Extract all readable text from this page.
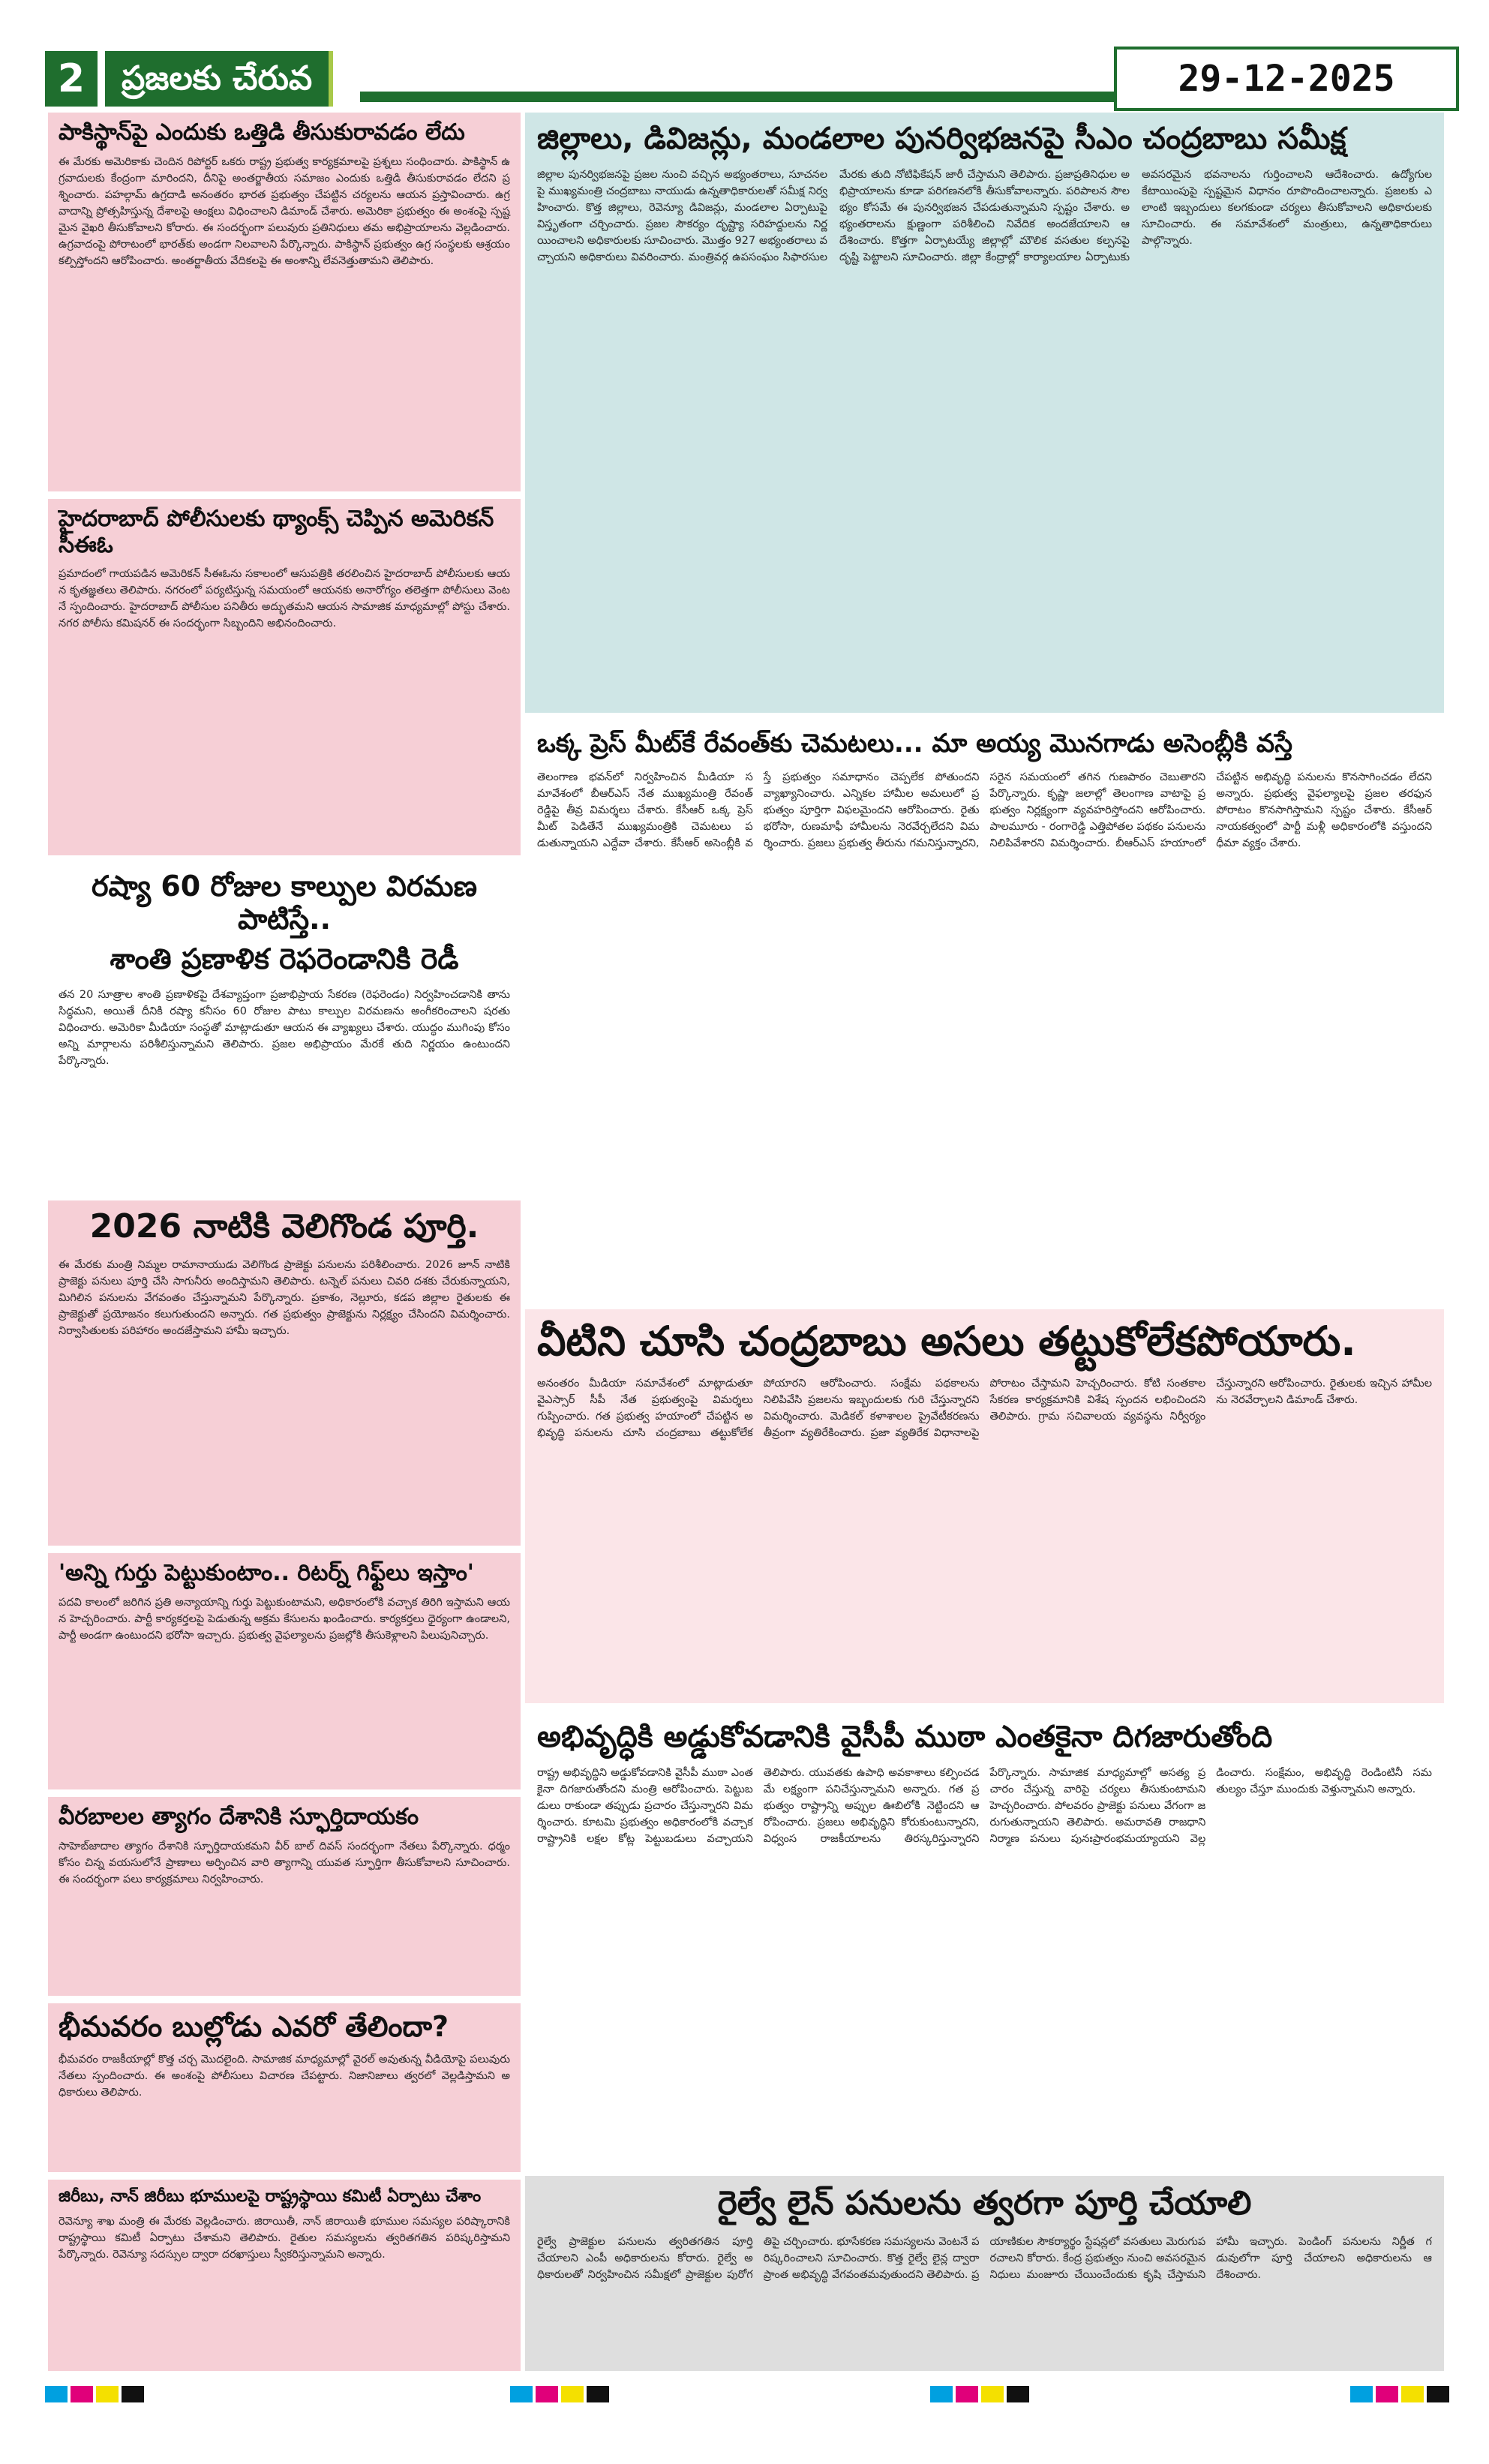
2	ప్రజలకు చేరువ	29-12-2025
పాకిస్థాన్‌పై ఎందుకు ఒత్తిడి తీసుకురావడం లేదు
ఈ మేరకు అమెరికాకు చెందిన రిపోర్టర్ ఒకరు రాష్ట్ర ప్రభుత్వ కార్యక్రమాలపై ప్రశ్నలు సంధించారు. పాకిస్థాన్ ఉగ్రవాదులకు కేంద్రంగా మారిందని, దీనిపై అంతర్జాతీయ సమాజం ఎందుకు ఒత్తిడి తీసుకురావడం లేదని ప్రశ్నించారు. పహల్గామ్ ఉగ్రదాడి అనంతరం భారత ప్రభుత్వం చేపట్టిన చర్యలను ఆయన ప్రస్తావించారు. ఉగ్రవాదాన్ని ప్రోత్సహిస్తున్న దేశాలపై ఆంక్షలు విధించాలని డిమాండ్ చేశారు. అమెరికా ప్రభుత్వం ఈ అంశంపై స్పష్టమైన వైఖరి తీసుకోవాలని కోరారు. ఈ సందర్భంగా పలువురు ప్రతినిధులు తమ అభిప్రాయాలను వెల్లడించారు. ఉగ్రవాదంపై పోరాటంలో భారత్‌కు అండగా నిలవాలని పేర్కొన్నారు. పాకిస్థాన్ ప్రభుత్వం ఉగ్ర సంస్థలకు ఆశ్రయం కల్పిస్తోందని ఆరోపించారు. అంతర్జాతీయ వేదికలపై ఈ అంశాన్ని లేవనెత్తుతామని తెలిపారు.
హైదరాబాద్ పోలీసులకు థ్యాంక్స్ చెప్పిన అమెరికన్ సీఈఓ
ప్రమాదంలో గాయపడిన అమెరికన్ సీఈఓను సకాలంలో ఆసుపత్రికి తరలించిన హైదరాబాద్ పోలీసులకు ఆయన కృతజ్ఞతలు తెలిపారు. నగరంలో పర్యటిస్తున్న సమయంలో ఆయనకు అనారోగ్యం తలెత్తగా పోలీసులు వెంటనే స్పందించారు. హైదరాబాద్ పోలీసుల పనితీరు అద్భుతమని ఆయన సామాజిక మాధ్యమాల్లో పోస్టు చేశారు. నగర పోలీసు కమిషనర్ ఈ సందర్భంగా సిబ్బందిని అభినందించారు.
రష్యా 60 రోజుల కాల్పుల విరమణ పాటిస్తే..
శాంతి ప్రణాళిక రెఫరెండానికి రెడీ
తన 20 సూత్రాల శాంతి ప్రణాళికపై దేశవ్యాప్తంగా ప్రజాభిప్రాయ సేకరణ (రెఫరెండం) నిర్వహించడానికి తాను సిద్ధమని, అయితే దీనికి రష్యా కనీసం 60 రోజుల పాటు కాల్పుల విరమణను అంగీకరించాలని షరతు విధించారు. అమెరికా మీడియా సంస్థతో మాట్లాడుతూ ఆయన ఈ వ్యాఖ్యలు చేశారు. యుద్ధం ముగింపు కోసం అన్ని మార్గాలను పరిశీలిస్తున్నామని తెలిపారు. ప్రజల అభిప్రాయం మేరకే తుది నిర్ణయం ఉంటుందని పేర్కొన్నారు.
2026 నాటికి వెలిగొండ పూర్తి.
ఈ మేరకు మంత్రి నిమ్మల రామానాయుడు వెలిగొండ ప్రాజెక్టు పనులను పరిశీలించారు. 2026 జూన్ నాటికి ప్రాజెక్టు పనులు పూర్తి చేసి సాగునీరు అందిస్తామని తెలిపారు. టన్నెల్ పనులు చివరి దశకు చేరుకున్నాయని, మిగిలిన పనులను వేగవంతం చేస్తున్నామని పేర్కొన్నారు. ప్రకాశం, నెల్లూరు, కడప జిల్లాల రైతులకు ఈ ప్రాజెక్టుతో ప్రయోజనం కలుగుతుందని అన్నారు. గత ప్రభుత్వం ప్రాజెక్టును నిర్లక్ష్యం చేసిందని విమర్శించారు. నిర్వాసితులకు పరిహారం అందజేస్తామని హామీ ఇచ్చారు.
'అన్ని గుర్తు పెట్టుకుంటాం.. రిటర్న్ గిఫ్ట్‌లు ఇస్తాం'
పదవి కాలంలో జరిగిన ప్రతి అన్యాయాన్ని గుర్తు పెట్టుకుంటామని, అధికారంలోకి వచ్చాక తిరిగి ఇస్తామని ఆయన హెచ్చరించారు. పార్టీ కార్యకర్తలపై పెడుతున్న అక్రమ కేసులను ఖండించారు. కార్యకర్తలు ధైర్యంగా ఉండాలని, పార్టీ అండగా ఉంటుందని భరోసా ఇచ్చారు. ప్రభుత్వ వైఫల్యాలను ప్రజల్లోకి తీసుకెళ్లాలని పిలుపునిచ్చారు.
వీరబాలల త్యాగం దేశానికి స్ఫూర్తిదాయకం
సాహెబ్‌జాదాల త్యాగం దేశానికి స్ఫూర్తిదాయకమని వీర్ బాల్ దివస్ సందర్భంగా నేతలు పేర్కొన్నారు. ధర్మం కోసం చిన్న వయసులోనే ప్రాణాలు అర్పించిన వారి త్యాగాన్ని యువత స్ఫూర్తిగా తీసుకోవాలని సూచించారు. ఈ సందర్భంగా పలు కార్యక్రమాలు నిర్వహించారు.
భీమవరం బుల్లోడు ఎవరో తేలిందా?
భీమవరం రాజకీయాల్లో కొత్త చర్చ మొదలైంది. సామాజిక మాధ్యమాల్లో వైరల్ అవుతున్న వీడియోపై పలువురు నేతలు స్పందించారు. ఈ అంశంపై పోలీసులు విచారణ చేపట్టారు. నిజానిజాలు త్వరలో వెల్లడిస్తామని అధికారులు తెలిపారు.
జిరీబు, నాన్ జిరీబు భూములపై రాష్ట్రస్థాయి కమిటీ ఏర్పాటు చేశాం
రెవెన్యూ శాఖ మంత్రి ఈ మేరకు వెల్లడించారు. జిరాయితీ, నాన్ జిరాయితీ భూముల సమస్యల పరిష్కారానికి రాష్ట్రస్థాయి కమిటీ ఏర్పాటు చేశామని తెలిపారు. రైతుల సమస్యలను త్వరితగతిన పరిష్కరిస్తామని పేర్కొన్నారు. రెవెన్యూ సదస్సుల ద్వారా దరఖాస్తులు స్వీకరిస్తున్నామని అన్నారు.
జిల్లాలు, డివిజన్లు, మండలాల పునర్విభజనపై సీఎం చంద్రబాబు సమీక్ష
జిల్లాల పునర్విభజనపై ప్రజల నుంచి వచ్చిన అభ్యంతరాలు, సూచనలపై ముఖ్యమంత్రి చంద్రబాబు నాయుడు ఉన్నతాధికారులతో సమీక్ష నిర్వహించారు. కొత్త జిల్లాలు, రెవెన్యూ డివిజన్లు, మండలాల ఏర్పాటుపై విస్తృతంగా చర్చించారు. ప్రజల సౌకర్యం దృష్ట్యా సరిహద్దులను నిర్ణయించాలని అధికారులకు సూచించారు. మొత్తం 927 అభ్యంతరాలు వచ్చాయని అధికారులు వివరించారు. మంత్రివర్గ ఉపసంఘం సిఫారసుల మేరకు తుది నోటిఫికేషన్ జారీ చేస్తామని తెలిపారు. ప్రజాప్రతినిధుల అభిప్రాయాలను కూడా పరిగణనలోకి తీసుకోవాలన్నారు. పరిపాలన సౌలభ్యం కోసమే ఈ పునర్విభజన చేపడుతున్నామని స్పష్టం చేశారు. అభ్యంతరాలను క్షుణ్ణంగా పరిశీలించి నివేదిక అందజేయాలని ఆదేశించారు. కొత్తగా ఏర్పాటయ్యే జిల్లాల్లో మౌలిక వసతుల కల్పనపై దృష్టి పెట్టాలని సూచించారు. జిల్లా కేంద్రాల్లో కార్యాలయాల ఏర్పాటుకు అవసరమైన భవనాలను గుర్తించాలని ఆదేశించారు. ఉద్యోగుల కేటాయింపుపై స్పష్టమైన విధానం రూపొందించాలన్నారు. ప్రజలకు ఎలాంటి ఇబ్బందులు కలగకుండా చర్యలు తీసుకోవాలని అధికారులకు సూచించారు. ఈ సమావేశంలో మంత్రులు, ఉన్నతాధికారులు పాల్గొన్నారు.
ఒక్క ప్రెస్ మీట్‌కే రేవంత్‌కు చెమటలు... మా అయ్య మొనగాడు అసెంబ్లీకి వస్తే
తెలంగాణ భవన్‌లో నిర్వహించిన మీడియా సమావేశంలో బీఆర్ఎస్ నేత ముఖ్యమంత్రి రేవంత్ రెడ్డిపై తీవ్ర విమర్శలు చేశారు. కేసీఆర్ ఒక్క ప్రెస్ మీట్ పెడితేనే ముఖ్యమంత్రికి చెమటలు పడుతున్నాయని ఎద్దేవా చేశారు. కేసీఆర్ అసెంబ్లీకి వస్తే ప్రభుత్వం సమాధానం చెప్పలేక పోతుందని వ్యాఖ్యానించారు. ఎన్నికల హామీల అమలులో ప్రభుత్వం పూర్తిగా విఫలమైందని ఆరోపించారు. రైతు భరోసా, రుణమాఫీ హామీలను నెరవేర్చలేదని విమర్శించారు. ప్రజలు ప్రభుత్వ తీరును గమనిస్తున్నారని, సరైన సమయంలో తగిన గుణపాఠం చెబుతారని పేర్కొన్నారు. కృష్ణా జలాల్లో తెలంగాణ వాటాపై ప్రభుత్వం నిర్లక్ష్యంగా వ్యవహరిస్తోందని ఆరోపించారు. పాలమూరు - రంగారెడ్డి ఎత్తిపోతల పథకం పనులను నిలిపివేశారని విమర్శించారు. బీఆర్ఎస్ హయాంలో చేపట్టిన అభివృద్ధి పనులను కొనసాగించడం లేదని అన్నారు. ప్రభుత్వ వైఫల్యాలపై ప్రజల తరఫున పోరాటం కొనసాగిస్తామని స్పష్టం చేశారు. కేసీఆర్ నాయకత్వంలో పార్టీ మళ్లీ అధికారంలోకి వస్తుందని ధీమా వ్యక్తం చేశారు.
వీటిని చూసి చంద్రబాబు అసలు తట్టుకోలేకపోయారు.
అనంతరం మీడియా సమావేశంలో మాట్లాడుతూ వైఎస్సార్ సీపీ నేత ప్రభుత్వంపై విమర్శలు గుప్పించారు. గత ప్రభుత్వ హయాంలో చేపట్టిన అభివృద్ధి పనులను చూసి చంద్రబాబు తట్టుకోలేకపోయారని ఆరోపించారు. సంక్షేమ పథకాలను నిలిపివేసి ప్రజలను ఇబ్బందులకు గురి చేస్తున్నారని విమర్శించారు. మెడికల్ కళాశాలల ప్రైవేటీకరణను తీవ్రంగా వ్యతిరేకించారు. ప్రజా వ్యతిరేక విధానాలపై పోరాటం చేస్తామని హెచ్చరించారు. కోటి సంతకాల సేకరణ కార్యక్రమానికి విశేష స్పందన లభించిందని తెలిపారు. గ్రామ సచివాలయ వ్యవస్థను నిర్వీర్యం చేస్తున్నారని ఆరోపించారు. రైతులకు ఇచ్చిన హామీలను నెరవేర్చాలని డిమాండ్ చేశారు.
అభివృద్ధికి అడ్డుకోవడానికి వైసీపీ ముఠా ఎంతకైనా దిగజారుతోంది
రాష్ట్ర అభివృద్ధిని అడ్డుకోవడానికి వైసీపీ ముఠా ఎంతకైనా దిగజారుతోందని మంత్రి ఆరోపించారు. పెట్టుబడులు రాకుండా తప్పుడు ప్రచారం చేస్తున్నారని విమర్శించారు. కూటమి ప్రభుత్వం అధికారంలోకి వచ్చాక రాష్ట్రానికి లక్షల కోట్ల పెట్టుబడులు వచ్చాయని తెలిపారు. యువతకు ఉపాధి అవకాశాలు కల్పించడమే లక్ష్యంగా పనిచేస్తున్నామని అన్నారు. గత ప్రభుత్వం రాష్ట్రాన్ని అప్పుల ఊబిలోకి నెట్టిందని ఆరోపించారు. ప్రజలు అభివృద్ధిని కోరుకుంటున్నారని, విధ్వంస రాజకీయాలను తిరస్కరిస్తున్నారని పేర్కొన్నారు. సామాజిక మాధ్యమాల్లో అసత్య ప్రచారం చేస్తున్న వారిపై చర్యలు తీసుకుంటామని హెచ్చరించారు. పోలవరం ప్రాజెక్టు పనులు వేగంగా జరుగుతున్నాయని తెలిపారు. అమరావతి రాజధాని నిర్మాణ పనులు పునఃప్రారంభమయ్యాయని వెల్లడించారు. సంక్షేమం, అభివృద్ధి రెండింటినీ సమతుల్యం చేస్తూ ముందుకు వెళ్తున్నామని అన్నారు.
రైల్వే లైన్ పనులను త్వరగా పూర్తి చేయాలి
రైల్వే ప్రాజెక్టుల పనులను త్వరితగతిన పూర్తి చేయాలని ఎంపీ అధికారులను కోరారు. రైల్వే అధికారులతో నిర్వహించిన సమీక్షలో ప్రాజెక్టుల పురోగతిపై చర్చించారు. భూసేకరణ సమస్యలను వెంటనే పరిష్కరించాలని సూచించారు. కొత్త రైల్వే లైన్ల ద్వారా ప్రాంత అభివృద్ధి వేగవంతమవుతుందని తెలిపారు. ప్రయాణికుల సౌకర్యార్థం స్టేషన్లలో వసతులు మెరుగుపరచాలని కోరారు. కేంద్ర ప్రభుత్వం నుంచి అవసరమైన నిధులు మంజూరు చేయించేందుకు కృషి చేస్తామని హామీ ఇచ్చారు. పెండింగ్ పనులను నిర్ణీత గడువులోగా పూర్తి చేయాలని అధికారులను ఆదేశించారు.
